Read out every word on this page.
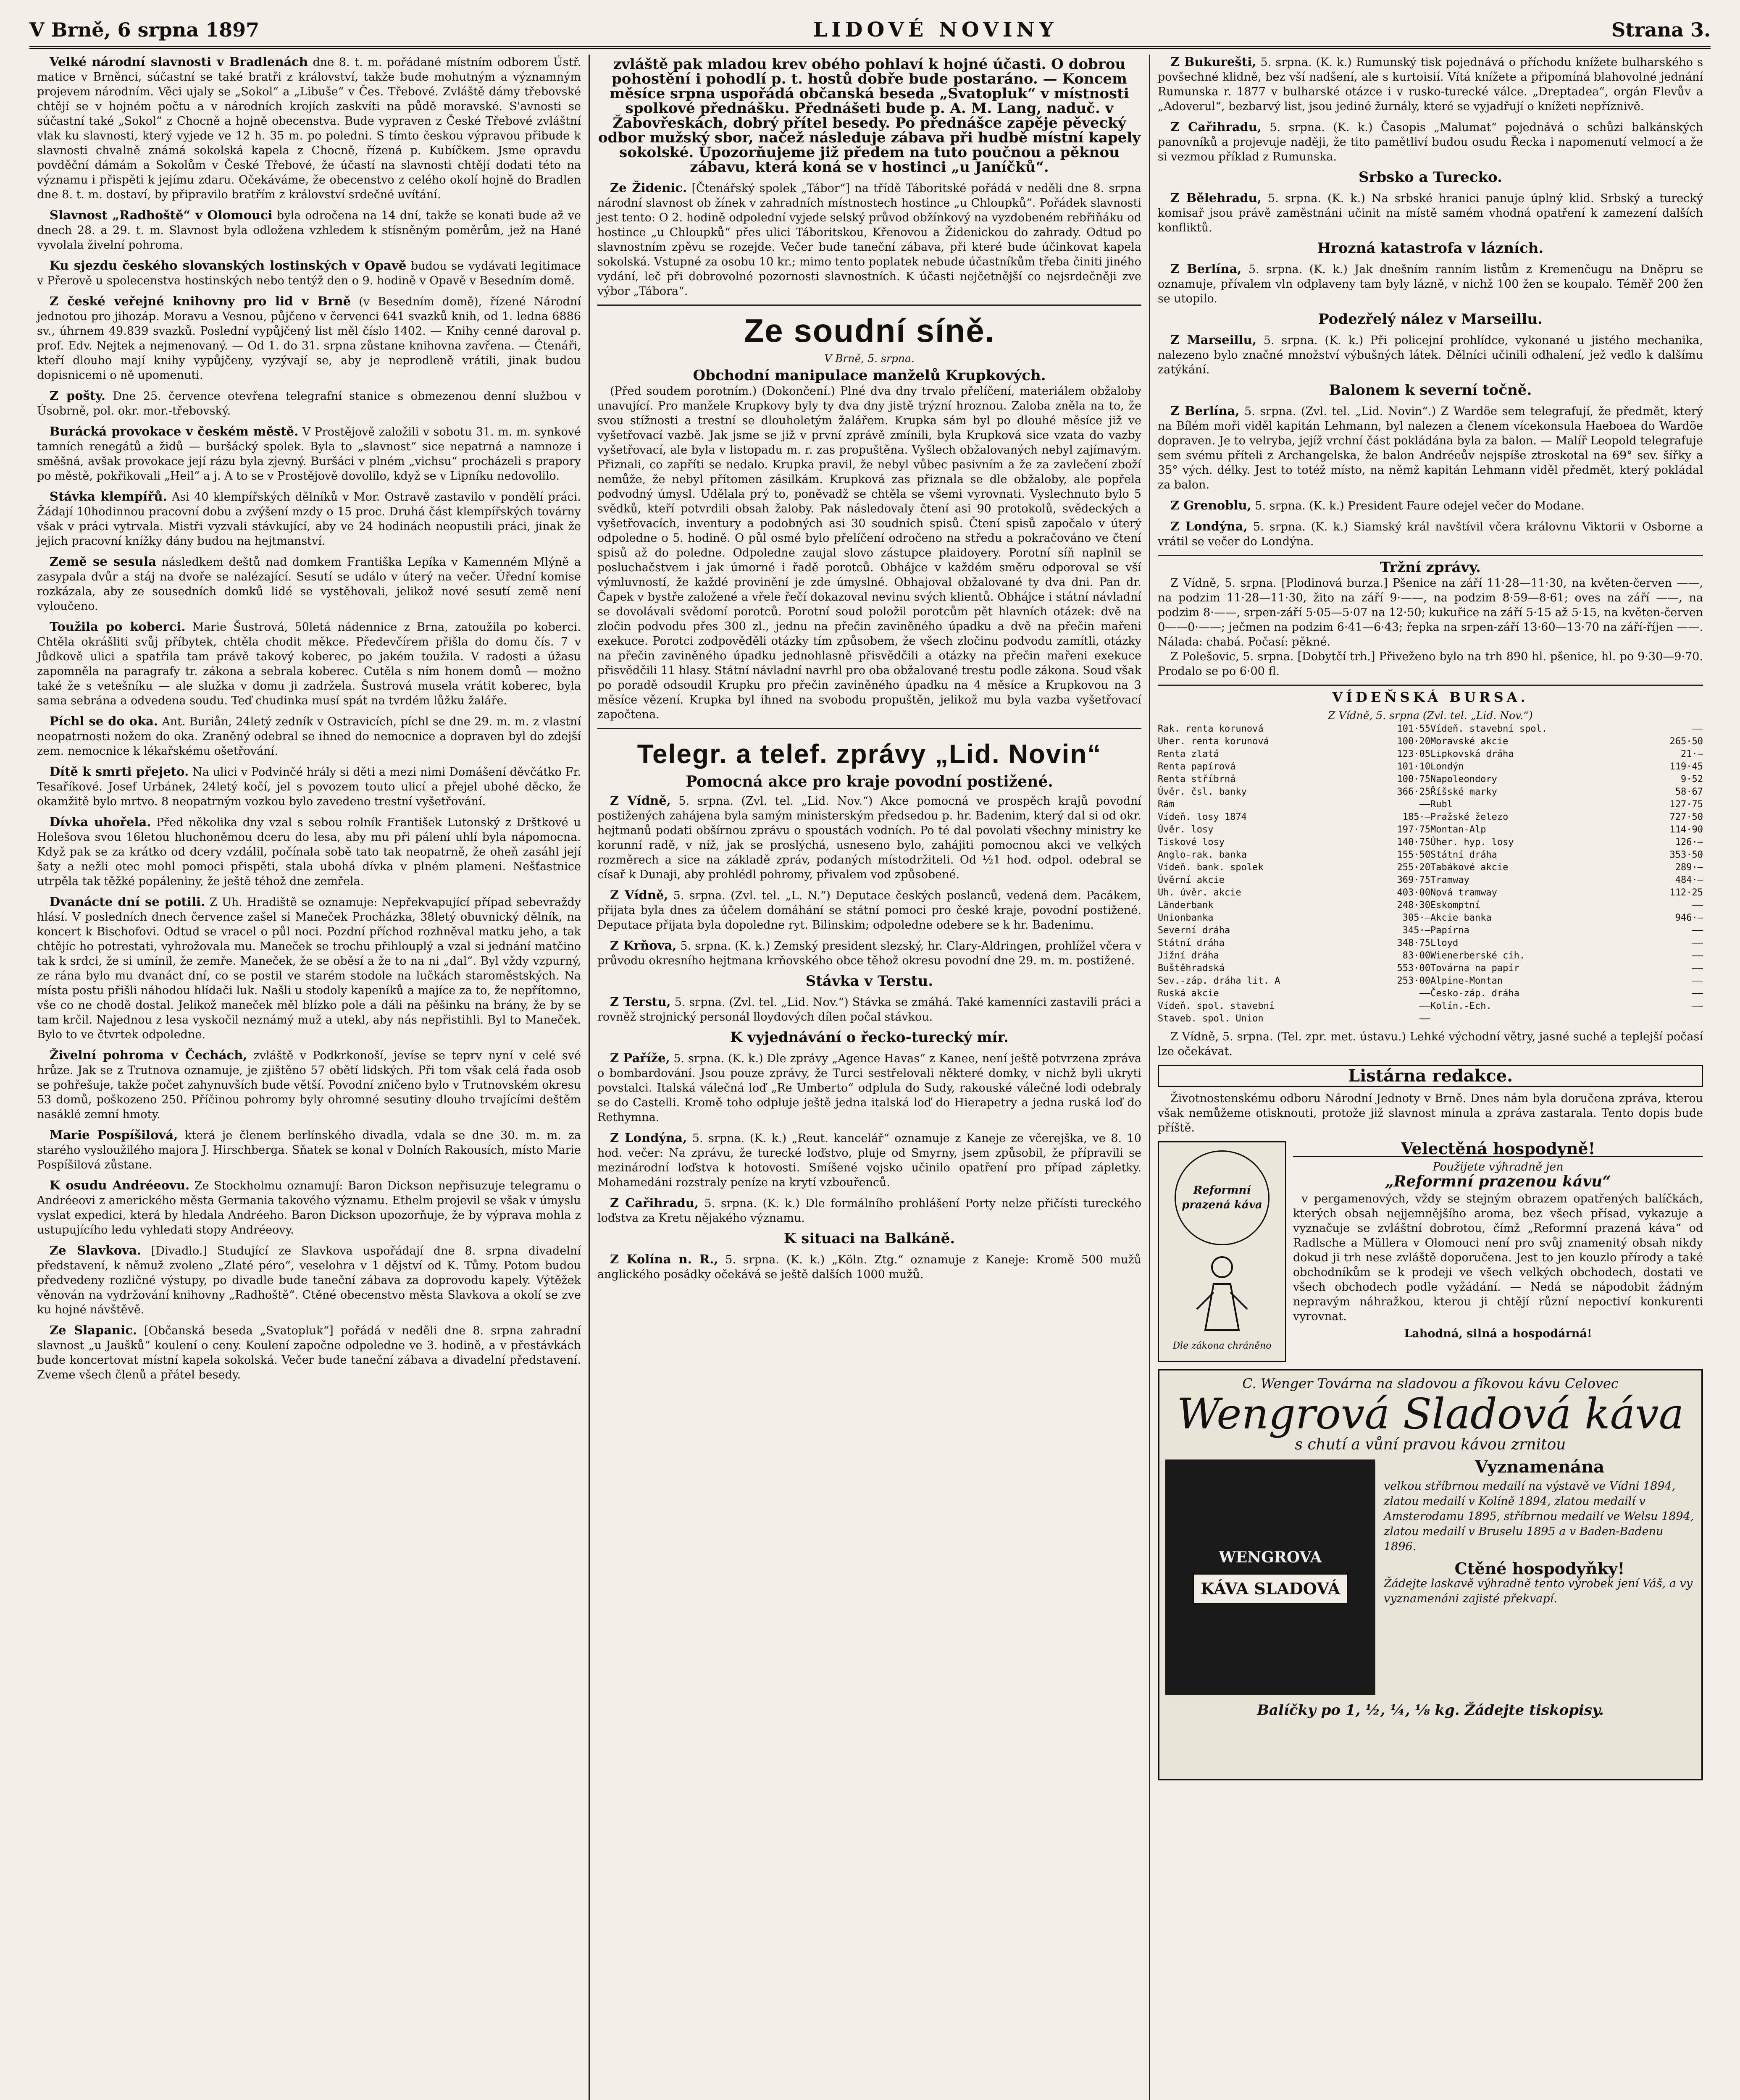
V Brně, 6 srpna 1897	LIDOVÉ NOVINY	Strana 3.

Velké národní slavnosti v Bradlenách dne 8. t. m. pořádané místním odborem Ústř. matice v Brněnci, súčastní se také bratři z království, takže bude mohutným a významným projevem národním. Věci ujaly se „Sokol“ a „Libuše“ v Čes. Třebové. Zvláště dámy třebovské chtějí se v hojném počtu a v národních krojích zaskvíti na půdě moravské. S'avnosti se súčastní také „Sokol“ z Chocně a hojně obecenstva. Bude vypraven z České Třebové zvláštní vlak ku slavnosti, který vyjede ve 12 h. 35 m. po poledni. S tímto českou výpravou přibude k slavnosti chvalně známá sokolská kapela z Chocně, řízená p. Kubíčkem. Jsme opravdu povděční dámám a Sokolům v České Třebové, že účastí na slavnosti chtějí dodati této na významu i přispěti k jejímu zdaru. Očekáváme, že obecenstvo z celého okolí hojně do Bradlen dne 8. t. m. dostaví, by připravilo bratřím z království srdečné uvítání.

Slavnost „Radhoště“ v Olomouci byla odročena na 14 dní, takže se konati bude až ve dnech 28. a 29. t. m. Slavnost byla odložena vzhledem k stísněným poměrům, jež na Hané vyvolala živelní pohroma.

Ku sjezdu českého slovanských lostinských v Opavě budou se vydávati legitimace v Přerově u spolecenstva hostinských nebo tentýž den o 9. hodině v Opavě v Besedním domě.

Z české veřejné knihovny pro lid v Brně (v Besedním domě), řízené Národní jednotou pro jihozáp. Moravu a Vesnou, půjčeno v červenci 641 svazků knih, od 1. ledna 6886 sv., úhrnem 49.839 svazků. Poslední vypůjčený list měl číslo 1402. — Knihy cenné daroval p. prof. Edv. Nejtek a nejmenovaný. — Od 1. do 31. srpna zůstane knihovna zavřena. — Čtenáři, kteří dlouho mají knihy vypůjčeny, vyzývají se, aby je neprodleně vrátili, jinak budou dopisnicemi o ně upomenuti.

Z pošty. Dne 25. července otevřena telegrafní stanice s obmezenou denní službou v Úsobrně, pol. okr. mor.-třebovský.

Burácká provokace v českém městě. V Prostějově založili v sobotu 31. m. m. synkové tamních renegátů a židů — buršácký spolek. Byla to „slavnost“ sice nepatrná a namnoze i směšná, avšak provokace její rázu byla zjevný. Buršáci v plném „vichsu“ procházeli s prapory po městě, pokřikovali „Heil“ a j. A to se v Prostějově dovolilo, když se v Lipníku nedovolilo.

Stávka klempířů. Asi 40 klempířských dělníků v Mor. Ostravě zastavilo v pondělí práci. Žádají 10hodinnou pracovní dobu a zvýšení mzdy o 15 proc. Druhá část klempířských továrny však v práci vytrvala. Mistři vyzvali stávkující, aby ve 24 hodinách neopustili práci, jinak že jejich pracovní knížky dány budou na hejtmanství.

Země se sesula následkem deštů nad domkem Františka Lepíka v Kamenném Mlýně a zasypala dvůr a stáj na dvoře se nalézající. Sesutí se událo v úterý na večer. Úřední komise rozkázala, aby ze sousedních domků lidé se vystěhovali, jelikož nové sesutí země není vyloučeno.

Toužila po koberci. Marie Šustrová, 50letá nádennice z Brna, zatoužila po koberci. Chtěla okrášliti svůj příbytek, chtěla chodit měkce. Předevčírem přišla do domu čís. 7 v Jůdkově ulici a spatřila tam právě takový koberec, po jakém toužila. V radosti a úžasu zapomněla na paragrafy tr. zákona a sebrala koberec. Cutěla s ním honem domů — možno také že s vetešníku — ale služka v domu ji zadržela. Šustrová musela vrátit koberec, byla sama sebrána a odvedena soudu. Teď chudinka musí spát na tvrdém lůžku žaláře.

Píchl se do oka. Ant. Buriån, 24letý zedník v Ostravicích, píchl se dne 29. m. m. z vlastní neopatrnosti nožem do oka. Zraněný odebral se ihned do nemocnice a dopraven byl do zdejší zem. nemocnice k lékařskému ošetřování.

Dítě k smrti přejeto. Na ulici v Podvinčé hrály si děti a mezi nimi Domášení děvčátko Fr. Tesaříkové. Josef Urbánek, 24letý kočí, jel s povozem touto ulicí a přejel ubohé děcko, že okamžitě bylo mrtvo. 8 neopatrným vozkou bylo zavedeno trestní vyšetřování.

Dívka uhořela. Před několika dny vzal s sebou rolník František Lutonský z Drštkové u Holešova svou 16letou hluchoněmou dceru do lesa, aby mu při pálení uhlí byla nápomocna. Když pak se za krátko od dcery vzdálil, počínala sobě tato tak neopatrně, že oheň zasáhl její šaty a nežli otec mohl pomoci přispěti, stala ubohá dívka v plném plameni. Nešťastnice utrpěla tak těžké popáleniny, že ještě téhož dne zemřela.

Dvanácte dní se potili. Z Uh. Hradiště se oznamuje: Nepřekvapující případ sebevraždy hlásí. V posledních dnech července zašel si Maneček Procházka, 38letý obuvnický dělník, na koncert k Bischofovi. Odtud se vracel o půl noci. Pozdní příchod rozhněval matku jeho, a tak chtějíc ho potrestati, vyhrožovala mu. Maneček se trochu přihlouplý a vzal si jednání matčino tak k srdci, že si umínil, že zemře. Maneček, že se oběsí a že to na ni „dal“. Byl vždy vzpurný, ze rána bylo mu dvanáct dní, co se postil ve starém stodole na lučkách staroměstských. Na místa postu přišli náhodou hlídači luk. Našli u stodoly kapeníků a majíce za to, že nepřítomno, vše co ne chodě dostal. Jelikož maneček měl blízko pole a dáli na pěšinku na brány, že by se tam krčil. Najednou z lesa vyskočil neznámý muž a utekl, aby nás nepřistihli. Byl to Maneček. Bylo to ve čtvrtek odpoledne.

Živelní pohroma v Čechách, zvláště v Podkrkonoší, jevíse se teprv nyní v celé své hrůze. Jak se z Trutnova oznamuje, je zjištěno 57 obětí lidských. Při tom však celá řada osob se pohřešuje, takže počet zahynuvších bude větší. Povodní zničeno bylo v Trutnovském okresu 53 domů, poškozeno 250. Příčinou pohromy byly ohromné sesutiny dlouho trvajícími deštěm nasáklé zemní hmoty.

Marie Pospíšilová, která je členem berlínského divadla, vdala se dne 30. m. m. za starého vysloužilého majora J. Hirschberga. Sňatek se konal v Dolních Rakousích, místo Marie Pospíšilová zůstane.

K osudu Andréeovu. Ze Stockholmu oznamují: Baron Dickson nepřisuzuje telegramu o Andréeovi z amerického města Germania takového významu. Ethelm projevil se však v úmyslu vyslat expedici, která by hledala Andréeho. Baron Dickson upozorňuje, že by výprava mohla z ustupujícího ledu vyhledati stopy Andréeovy.

Ze Slavkova. [Divadlo.] Studující ze Slavkova uspořádají dne 8. srpna divadelní představení, k němuž zvoleno „Zlaté péro“, veselohra v 1 dějství od K. Tůmy. Potom budou předvedeny rozličné výstupy, po divadle bude taneční zábava za doprovodu kapely. Výtěžek věnován na vydržování knihovny „Radhoště“. Ctěné obecenstvo města Slavkova a okolí se zve ku hojné návštěvě.

Ze Slapanic. [Občanská beseda „Svatopluk“] pořádá v neděli dne 8. srpna zahradní slavnost „u Jaušků“ koulení o ceny. Koulení započne odpoledne ve 3. hodině, a v přestávkách bude koncertovat místní kapela sokolská. Večer bude taneční zábava a divadelní představení. Zveme všech členů a přátel besedy.

zvláště pak mladou krev obého pohlaví k hojné účasti. O dobrou pohostění i pohodlí p. t. hostů dobře bude postaráno. — Koncem měsíce srpna uspořádá občanská beseda „Svatopluk“ v místnosti spolkové přednášku. Přednášeti bude p. A. M. Lang, naduč. v Žabovřeskách, dobrý přítel besedy. Po přednášce zapěje pěvecký odbor mužský sbor, načež následuje zábava při hudbě místní kapely sokolské. Upozorňujeme již předem na tuto poučnou a pěknou zábavu, která koná se v hostinci „u Janíčků“.

Ze Židenic. [Čtenářský spolek „Tábor“] na třídě Táboritské pořádá v neděli dne 8. srpna národní slavnost ob žínek v zahradních místnostech hostince „u Chloupků“. Pořádek slavnosti jest tento: O 2. hodině odpolední vyjede selský průvod obžínkový na vyzdobeném rebřiňáku od hostince „u Chloupků“ přes ulici Táboritskou, Křenovou a Židenickou do zahrady. Odtud po slavnostním zpěvu se rozejde. Večer bude taneční zábava, při které bude účinkovat kapela sokolská. Vstupné za osobu 10 kr.; mimo tento poplatek nebude účastníkům třeba činiti jiného vydání, leč při dobrovolné pozornosti slavnostních. K účasti nejčetnější co nejsrdečněji zve výbor „Tábora“.

Ze soudní síně.
V Brně, 5. srpna.
Obchodní manipulace manželů Krupkových.

(Před soudem porotním.) (Dokončení.) Plné dva dny trvalo přelíčení, materiálem obžaloby unavující. Pro manžele Krupkovy byly ty dva dny jistě trýzní hroznou. Zaloba zněla na to, že svou stížnosti a trestní se dlouholetým žalářem. Krupka sám byl po dlouhé měsíce již ve vyšetřovací vazbě. Jak jsme se již v první zprávě zmínili, byla Krupková sice vzata do vazby vyšetřovací, ale byla v listopadu m. r. zas propuštěna. Vyšlech obžalovaných nebyl zajímavým. Přiznali, co zapříti se nedalo. Krupka pravil, že nebyl vůbec pasivním a že za zavlečení zboží nemůže, že nebyl přítomen zásilkám. Krupková zas přiznala se dle obžaloby, ale popřela podvodný úmysl. Udělala prý to, poněvadž se chtěla se všemi vyrovnati. Vyslechnuto bylo 5 svědků, kteří potvrdili obsah žaloby. Pak následovaly čtení asi 90 protokolů, svědeckých a vyšetřovacích, inventury a podobných asi 30 soudních spisů. Čtení spisů započalo v úterý odpoledne o 5. hodině. O půl osmé bylo přelíčení odročeno na středu a pokračováno ve čtení spisů až do poledne. Odpoledne zaujal slovo zástupce plaidoyery. Porotní síň naplnil se posluchačstvem i jak úmorné i řadě porotců. Obhájce v každém směru odporoval se vší výmluvností, že každé provinění je zde úmyslné. Obhajoval obžalované ty dva dni. Pan dr. Čapek v bystře založené a vřele řečí dokazoval nevinu svých klientů. Obhájce i státní návladní se dovolávali svědomí porotců. Porotní soud položil porotcům pět hlavních otázek: dvě na zločin podvodu přes 300 zl., jednu na přečin zaviněného úpadku a dvě na přečin mařeni exekuce. Porotci zodpověděli otázky tím způsobem, že všech zločinu podvodu zamítli, otázky na přečin zaviněného úpadku jednohlasně přisvědčili a otázky na přečin mařeni exekuce přisvědčili 11 hlasy. Státní návladní navrhl pro oba obžalované trestu podle zákona. Soud však po poradě odsoudil Krupku pro přečin zaviněného úpadku na 4 měsíce a Krupkovou na 3 měsíce vězení. Krupka byl ihned na svobodu propuštěn, jelikož mu byla vazba vyšetřovací započtena.

Telegr. a telef. zprávy „Lid. Novin“
Pomocná akce pro kraje povodní postižené.

Z Vídně, 5. srpna. (Zvl. tel. „Lid. Nov.“) Akce pomocná ve prospěch krajů povodní postižených zahájena byla samým ministerským předsedou p. hr. Badenim, který dal si od okr. hejtmanů podati obšírnou zprávu o spoustách vodních. Po té dal povolati všechny ministry ke korunní radě, v níž, jak se proslýchá, usneseno bylo, zahájiti pomocnou akci ve velkých rozměrech a sice na základě zpráv, podaných místodržiteli. Od ½1 hod. odpol. odebral se císař k Dunaji, aby prohlédl pohromy, přivalem vod způsobené.

Z Vídně, 5. srpna. (Zvl. tel. „L. N.“) Deputace českých poslanců, vedená dem. Pacákem, přijata byla dnes za účelem domáhání se státní pomoci pro české kraje, povodní postižené. Deputace přijata byla dopoledne ryt. Bilinskim; odpoledne odebere se k hr. Badenimu.

Z Krňova, 5. srpna. (K. k.) Zemský president slezský, hr. Clary-Aldringen, prohlížel včera v průvodu okresního hejtmana krňovského obce těhož okresu povodní dne 29. m. m. postižené.

Stávka v Terstu.

Z Terstu, 5. srpna. (Zvl. tel. „Lid. Nov.“) Stávka se zmáhá. Také kamenníci zastavili práci a rovněž strojnický personál lloydových dílen počal stávkou.

K vyjednávání o řecko-turecký mír.

Z Paříže, 5. srpna. (K. k.) Dle zprávy „Agence Havas“ z Kanee, není ještě potvrzena zpráva o bombardování. Jsou pouze zprávy, že Turci sestřelovali některé domky, v nichž byli ukryti povstalci. Italská válečná loď „Re Umberto“ odplula do Sudy, rakouské válečné lodi odebraly se do Castelli. Kromě toho odpluje ještě jedna italská loď do Hierapetry a jedna ruská loď do Rethymna.

Z Londýna, 5. srpna. (K. k.) „Reut. kancelář“ oznamuje z Kaneje ze včerejška, ve 8. 10 hod. večer: Na zprávu, že turecké loďstvo, pluje od Smyrny, jsem způsobil, že přípravili se mezinárodní loďstva k hotovosti. Smíšené vojsko učinilo opatření pro případ zápletky. Mohamedáni rozstraly peníze na krytí vzbouřenců.

Z Cařihradu, 5. srpna. (K. k.) Dle formálního prohlášení Porty nelze přičísti tureckého loďstva za Kretu nějakého významu.

K situaci na Balkáně.

Z Kolína n. R., 5. srpna. (K. k.) „Köln. Ztg.“ oznamuje z Kaneje: Kromě 500 mužů anglického posádky očekává se ještě dalších 1000 mužů.

Z Bukurešti, 5. srpna. (K. k.) Rumunský tisk pojednává o příchodu knížete bulharského s povšechné klidně, bez vší nadšení, ale s kurtoisií. Vítá knížete a připomíná blahovolné jednání Rumunska r. 1877 v bulharské otázce i v rusko-turecké válce. „Dreptadea“, orgán Flevův a „Adoverul“, bezbarvý list, jsou jediné žurnály, které se vyjadřují o knížeti nepříznivě.

Z Cařihradu, 5. srpna. (K. k.) Časopis „Malumat“ pojednává o schůzi balkánských panovníků a projevuje naději, že tito pamětliví budou osudu Řecka i napomenutí velmocí a že si vezmou příklad z Rumunska.

Srbsko a Turecko.

Z Bělehradu, 5. srpna. (K. k.) Na srbské hranici panuje úplný klid. Srbský a turecký komisař jsou právě zaměstnáni učinit na místě samém vhodná opatření k zamezení dalších konfliktů.

Hrozná katastrofa v lázních.

Z Berlína, 5. srpna. (K. k.) Jak dnešním ranním listům z Kremenčugu na Dněpru se oznamuje, přívalem vln odplaveny tam byly lázně, v nichž 100 žen se koupalo. Téměř 200 žen se utopilo.

Podezřelý nález v Marseillu.

Z Marseillu, 5. srpna. (K. k.) Při policejní prohlídce, vykonané u jistého mechanika, nalezeno bylo značné množství výbušných látek. Dělníci učinili odhalení, jež vedlo k dalšímu zatýkání.

Balonem k severní točně.

Z Berlína, 5. srpna. (Zvl. tel. „Lid. Novin“.) Z Wardöe sem telegrafují, že předmět, který na Bílém moři viděl kapitán Lehmann, byl nalezen a členem vícekonsula Haeboea do Wardöe dopraven. Je to velryba, jejíž vrchní část pokládána byla za balon. — Malíř Leopold telegrafuje sem svému příteli z Archangelska, že balon Andréeův nejspíše ztroskotal na 69° sev. šířky a 35° vých. délky. Jest to totéž místo, na němž kapitán Lehmann viděl předmět, který pokládal za balon.

Z Grenoblu, 5. srpna. (K. k.) President Faure odejel večer do Modane.

Z Londýna, 5. srpna. (K. k.) Siamský král navštívil včera královnu Viktorii v Osborne a vrátil se večer do Londýna.

Tržní zprávy.

Z Vídně, 5. srpna. [Plodinová burza.] Pšenice na září 11·28—11·30, na květen-červen ——, na podzim 11·28—11·30, žito na září 9·——, na podzim 8·59—8·61; oves na září ——, na podzim 8·——, srpen-září 5·05—5·07 na 12·50; kukuřice na září 5·15 až 5·15, na květen-červen 0——0·——; ječmen na podzim 6·41—6·43; řepka na srpen-září 13·60—13·70 na září-říjen ——. Nálada: chabá. Počasí: pěkné.

Z Polešovic, 5. srpna. [Dobytčí trh.] Přiveženo bylo na trh 890 hl. pšenice, hl. po 9·30—9·70. Prodalo se po 6·00 fl.

VÍDEŇSKÁ BURSA.
Z Vídně, 5. srpna (Zvl. tel. „Lid. Nov.“)
Rak. renta korunová	101·55 Vídeň. stavební spol.	——
Uher. renta korunová	100·20 Moravské akcie	265·50
Renta zlatá	123·05 Lipkovská dráha	21·—
Renta papírová	101·10 Londýn	119·45
Renta stříbrná	100·75 Napoleondory	9·52
Úvěr. čsl. banky	366·25 Říšské marky	58·67
Rám	—— Rubl	127·75
Vídeň. losy 1874	185·— Pražské železo	727·50
Úvěr. losy	197·75 Montan-Alp	114·90
Tiskové losy	140·75 Úher. hyp. losy	126·—
Anglo-rak. banka	155·50 Státní dráha	353·50
Vídeň. bank. spolek	255·20 Tabákové akcie	289·—
Úvěrní akcie	369·75 Tramway	484·—
Uh. úvěr. akcie	403·00 Nová tramway	112·25
Länderbank	248·30 Eskomptní	——
Unionbanka	305·— Akcie banka	946·—
Severní dráha	345·— Papírna	——
Státní dráha	348·75 Lloyd	——
Jižní dráha	83·00 Wienerberské cih.	——
Buštěhradská	553·00 Továrna na papír	——
Sev.-záp. dráha lit. A	253·00 Alpine-Montan	——
Ruská akcie	—— Česko-záp. dráha	——
Vídeň. spol. stavební	—— Kolín.-Ech.	——
Staveb. spol. Union	——

Z Vídně, 5. srpna. (Tel. zpr. met. ústavu.) Lehké východní větry, jasné suché a teplejší počasí lze očekávat.

Listárna redakce.

Životnostenskému odboru Národní Jednoty v Brně. Dnes nám byla doručena zpráva, kterou však nemůžeme otisknouti, protože již slavnost minula a zpráva zastarala. Tento dopis bude příště.

Reformní prazená káva
Dle zákona chráněno
Velectěná hospodyně!
Použijete výhradně jen
„Reformní prazenou kávu“

v pergamenových, vždy se stejným obrazem opatřených balíčkách, kterých obsah nejjemnějšího aroma, bez všech přísad, vykazuje a vyznačuje se zvláštní dobrotou, čímž „Reformní prazená káva“ od Radlsche a Müllera v Olomouci není pro svůj znamenitý obsah nikdy dokud ji trh nese zvláště doporučena. Jest to jen kouzlo přírody a také obchodníkům se k prodeji ve všech velkých obchodech, dostati ve všech obchodech podle vyžádání. — Nedá se nápodobit žádným nepravým náhražkou, kterou ji chtějí různí nepoctiví konkurenti vyrovnat.

Lahodná, silná a hospodárná!
C. Wenger Továrna na sladovou a fíkovou kávu Celovec
Wengrová Sladová káva
s chutí a vůní pravou kávou zrnitou
WENGROVA
KÁVA SLADOVÁ
Vyznamenána
velkou stříbrnou medailí na výstavě ve Vídni 1894, zlatou medailí v Kolíně 1894, zlatou medailí v Amsterodamu 1895, stříbrnou medailí ve Welsu 1894, zlatou medailí v Bruselu 1895 a v Baden-Badenu 1896.
Ctěné hospodyňky!
Žádejte laskavě výhradně tento výrobek jení Váš, a vy vyznamenáni zajisté překvapí.
Balíčky po 1, ½, ¼, ⅛ kg. Žádejte tiskopisy.
